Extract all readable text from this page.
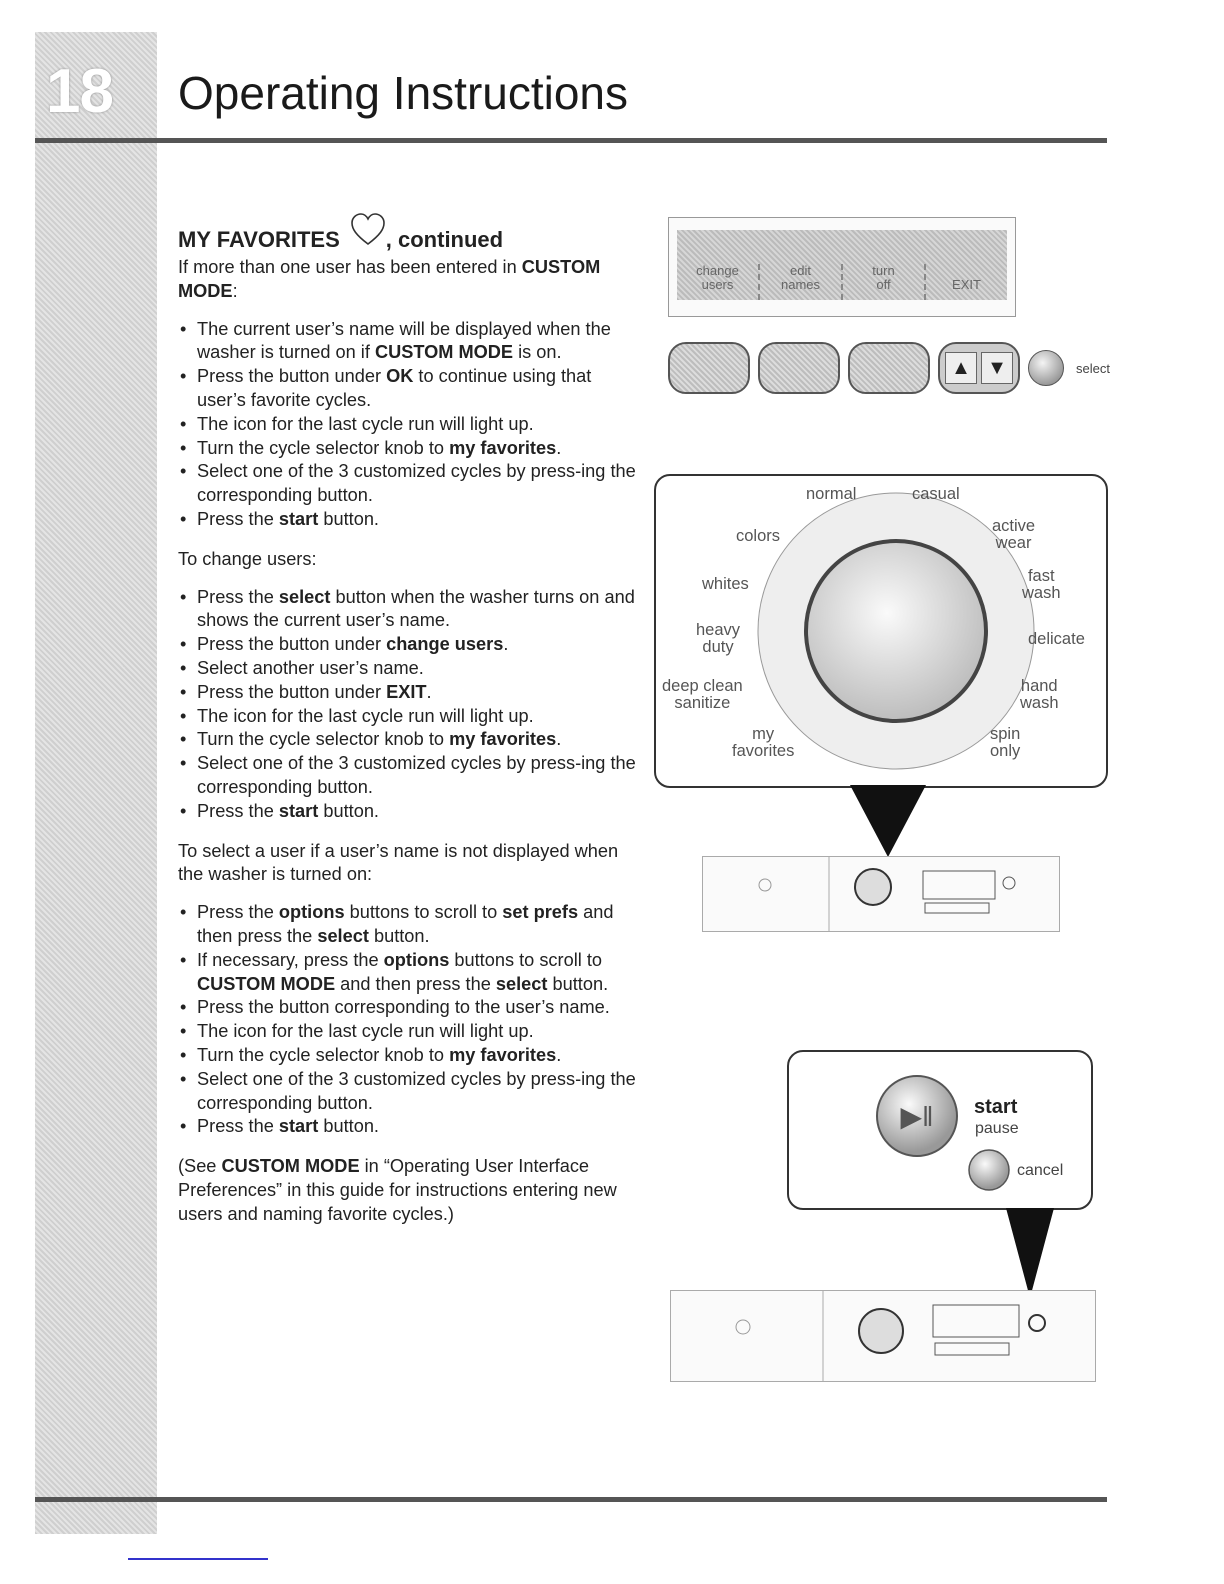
18 Operating Instructions
MY FAVORITES , continued

If more than one user has been entered in CUSTOM MODE:

• The current user’s name will be displayed when the washer is turned on if CUSTOM MODE is on.
• Press the button under OK to continue using that user’s favorite cycles.
• The icon for the last cycle run will light up.
• Turn the cycle selector knob to my favorites.
• Select one of the 3 customized cycles by press-ing the corresponding button.
• Press the start button.

To change users:

• Press the select button when the washer turns on and shows the current user’s name.
• Press the button under change users.
• Select another user’s name.
• Press the button under EXIT.
• The icon for the last cycle run will light up.
• Turn the cycle selector knob to my favorites.
• Select one of the 3 customized cycles by press-ing the corresponding button.
• Press the start button.

To select a user if a user’s name is not displayed when the washer is turned on:

• Press the options buttons to scroll to set prefs and then press the select button.
• If necessary, press the options buttons to scroll to CUSTOM MODE and then press the select button.
• Press the button corresponding to the user’s name.
• The icon for the last cycle run will light up.
• Turn the cycle selector knob to my favorites.
• Select one of the 3 customized cycles by press-ing the corresponding button.
• Press the start button.

(See CUSTOM MODE in “Operating User Interface Preferences” in this guide for instructions entering new users and naming favorite cycles.)

change
users
edit
names
turn
off	EXIT

▲ ▼	select
normal	casual
colors
active
wear
whites	fast
wash
heavy
duty	delicate
deep clean
sanitize
hand
wash
my
favorites
spin
only
▶‖ start
pause
cancel
